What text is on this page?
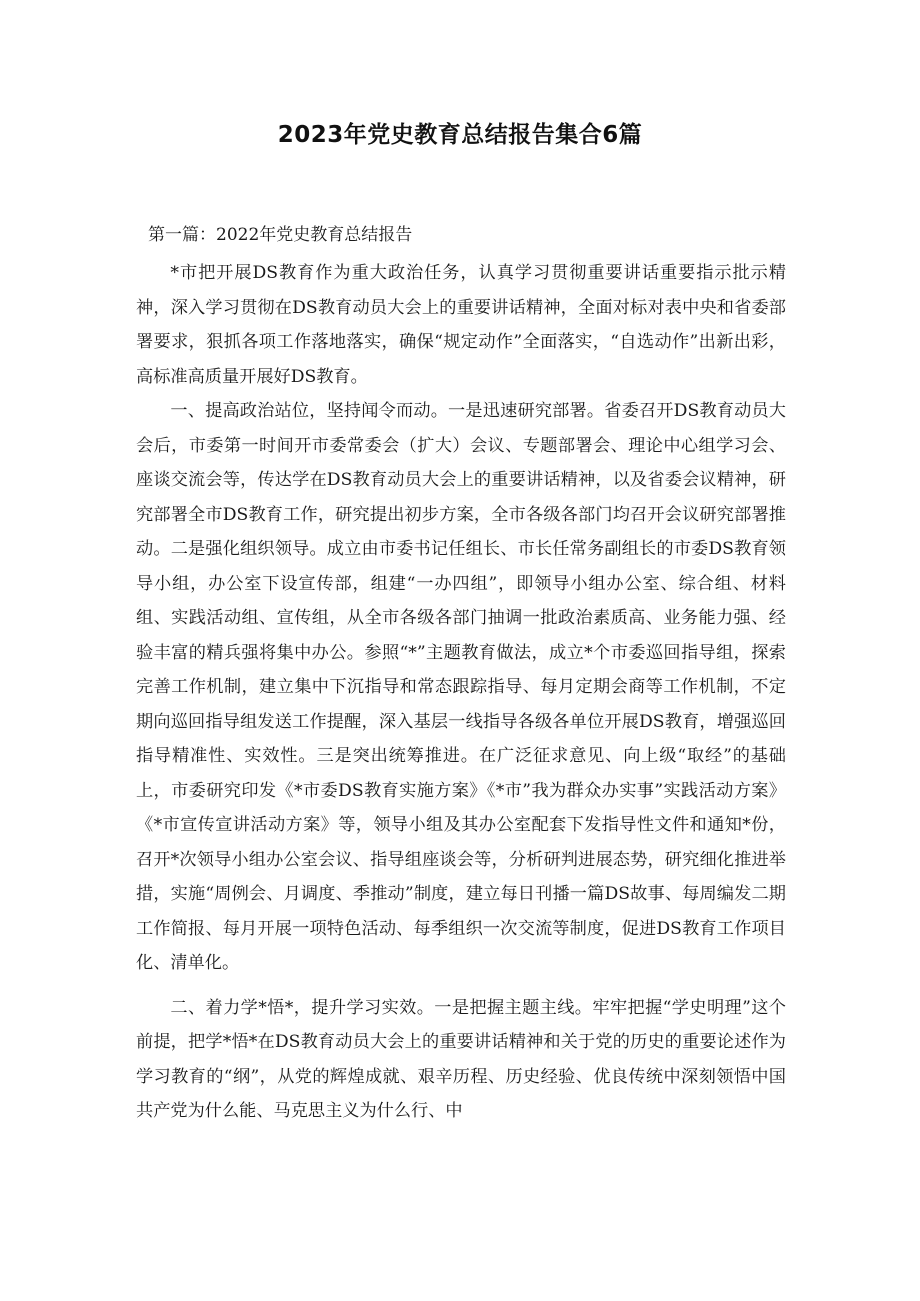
2023年党史教育总结报告集合6篇
第一篇：2022年党史教育总结报告

*市把开展DS教育作为重大政治任务，认真学习贯彻重要讲话重要指示批示精神，深入学习贯彻在DS教育动员大会上的重要讲话精神，全面对标对表中央和省委部署要求，狠抓各项工作落地落实，确保“规定动作”全面落实，“自选动作”出新出彩，高标准高质量开展好DS教育。

一、提高政治站位，坚持闻令而动。一是迅速研究部署。省委召开DS教育动员大会后，市委第一时间开市委常委会（扩大）会议、专题部署会、理论中心组学习会、座谈交流会等，传达学在DS教育动员大会上的重要讲话精神，以及省委会议精神，研究部署全市DS教育工作，研究提出初步方案，全市各级各部门均召开会议研究部署推动。二是强化组织领导。成立由市委书记任组长、市长任常务副组长的市委DS教育领导小组，办公室下设宣传部，组建“一办四组”，即领导小组办公室、综合组、材料组、实践活动组、宣传组，从全市各级各部门抽调一批政治素质高、业务能力强、经验丰富的精兵强将集中办公。参照“*”主题教育做法，成立*个市委巡回指导组，探索完善工作机制，建立集中下沉指导和常态跟踪指导、每月定期会商等工作机制，不定期向巡回指导组发送工作提醒，深入基层一线指导各级各单位开展DS教育，增强巡回指导精准性、实效性。三是突出统筹推进。在广泛征求意见、向上级“取经”的基础上，市委研究印发《*市委DS教育实施方案》《*市”我为群众办实事”实践活动方案》《*市宣传宣讲活动方案》等，领导小组及其办公室配套下发指导性文件和通知*份，召开*次领导小组办公室会议、指导组座谈会等，分析研判进展态势，研究细化推进举措，实施“周例会、月调度、季推动”制度，建立每日刊播一篇DS故事、每周编发二期工作简报、每月开展一项特色活动、每季组织一次交流等制度，促进DS教育工作项目化、清单化。

二、着力学*悟*，提升学习实效。一是把握主题主线。牢牢把握“学史明理”这个前提，把学*悟*在DS教育动员大会上的重要讲话精神和关于党的历史的重要论述作为学习教育的“纲”，从党的辉煌成就、艰辛历程、历史经验、优良传统中深刻领悟中国共产党为什么能、马克思主义为什么行、中
